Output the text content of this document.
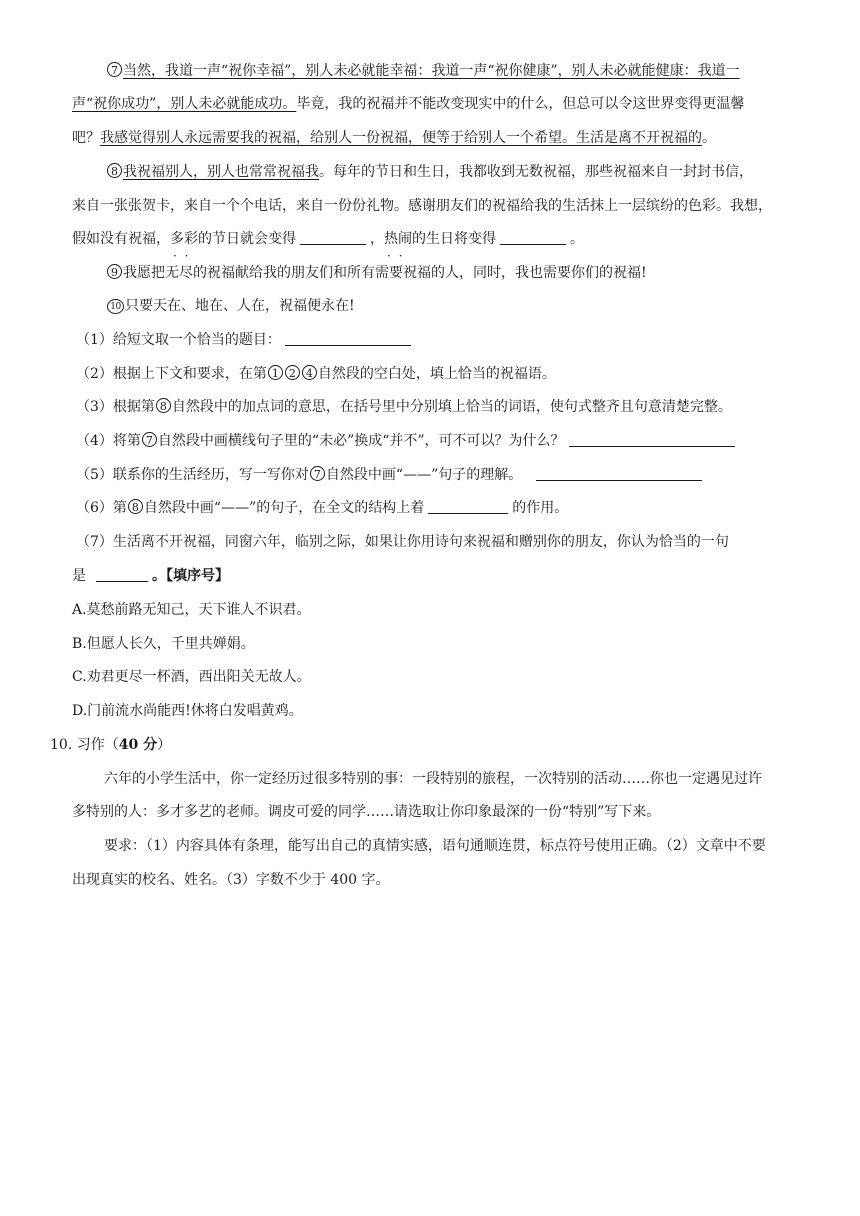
7 当然，我道一声“祝你幸福”，别人未必就能幸福：我道一声“祝你健康”，别人未必就能健康：我道一
声“祝你成功”，别人未必就能成功。毕竟，我的祝福并不能改变现实中的什么，但总可以令这世界变得更温馨
吧？我感觉得别人永远需要我的祝福，给别人一份祝福，便等于给别人一个希望。生活是离不开祝福的。
8 我祝福别人，别人也常常祝福我。每年的节日和生日，我都收到无数祝福，那些祝福来自一封封书信，
来自一张张贺卡，来自一个个电话，来自一份份礼物。感谢朋友们的祝福给我的生活抹上一层缤纷的色彩。我想，
假如没有祝福，多彩 · ·的节日就会变得	，热闹 · ·的生日将变得	。
9 我愿把无尽的祝福献给我的朋友们和所有需要祝福的人，同时，我也需要你们的祝福!
10 只要天在、地在、人在，祝福便永在!
（1）给短文取一个恰当的题目：
（2）根据上下文和要求，在第 1 2 4 自然段的空白处，填上恰当的祝福语。
（3）根据第 8 自然段中的加点词的意思，在括号里中分别填上恰当的词语，使句式整齐且句意清楚完整。
（4）将第 7 自然段中画横线句子里的“未必”换成“并不”，可不可以？为什么？
（5）联系你的生活经历，写一写你对 7 自然段中画“——”句子的理解。
（6）第 8 自然段中画“——”的句子，在全文的结构上着	的作用。
（7）生活离不开祝福，同窗六年，临别之际，如果让你用诗句来祝福和赠别你的朋友，你认为恰当的一句
是	。【填序号】
A.莫愁前路无知己，天下谁人不识君。
B.但愿人长久，千里共婵娟。
C.劝君更尽一杯酒，西出阳关无故人。
D.门前流水尚能西!休将白发唱黄鸡。
10. 习作（40 分）
六年的小学生活中，你一定经历过很多特别的事：一段特别的旅程，一次特别的活动……你也一定遇见过许
多特别的人：多才多艺的老师。调皮可爱的同学……请选取让你印象最深的一份“特别”写下来。
要求：（1）内容具体有条理，能写出自己的真情实感，语句通顺连贯，标点符号使用正确。（2）文章中不要
出现真实的校名、姓名。（3）字数不少于 400 字。
